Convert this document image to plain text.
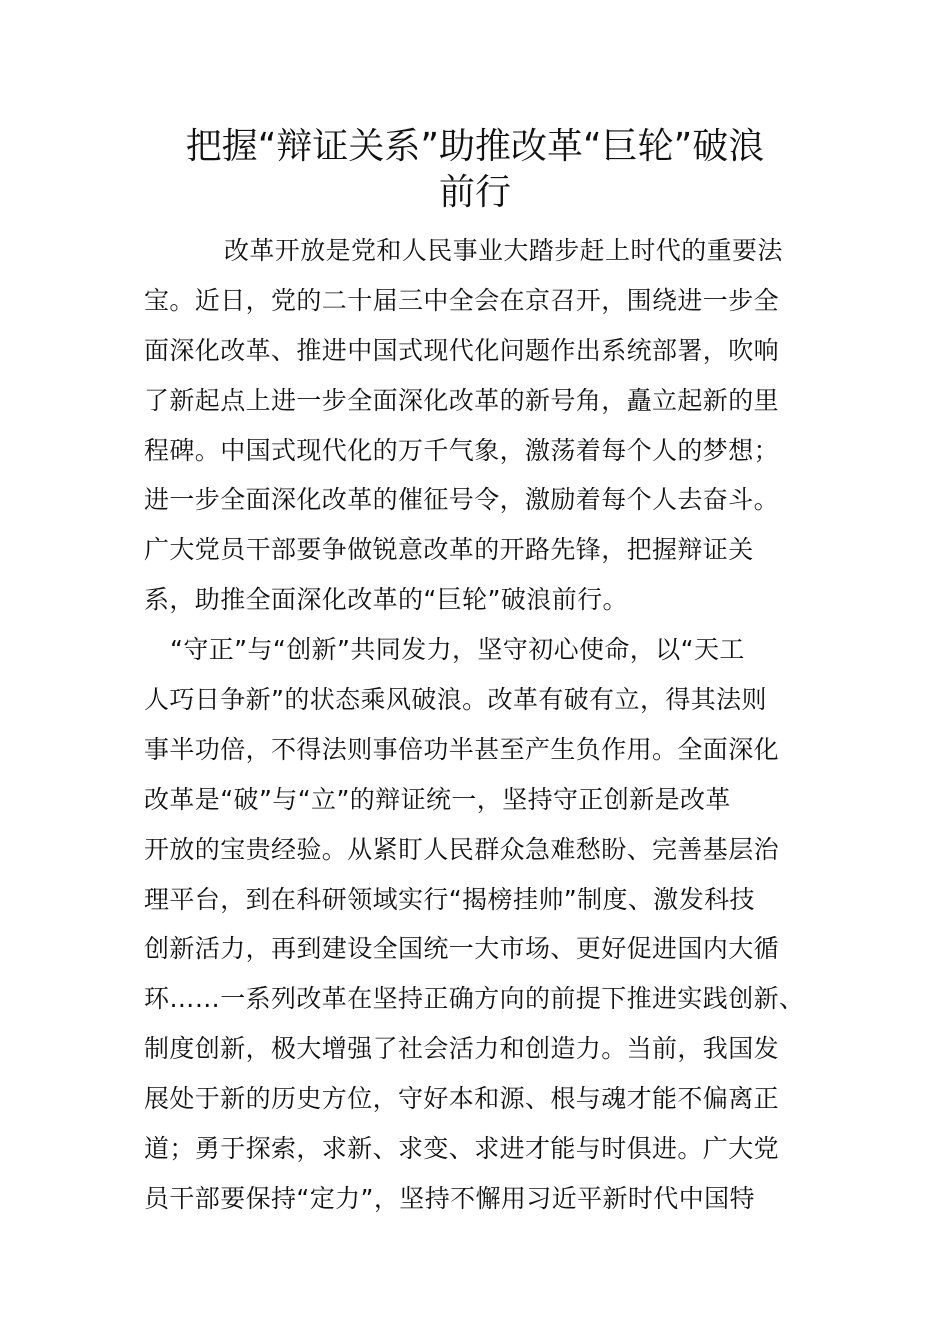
把握“辩证关系”助推改革“巨轮”破浪
前行
改革开放是党和人民事业大踏步赶上时代的重要法
宝。近日，党的二十届三中全会在京召开，围绕进一步全
面深化改革、推进中国式现代化问题作出系统部署，吹响
了新起点上进一步全面深化改革的新号角，矗立起新的里
程碑。中国式现代化的万千气象，激荡着每个人的梦想；
进一步全面深化改革的催征号令，激励着每个人去奋斗。
广大党员干部要争做锐意改革的开路先锋，把握辩证关
系，助推全面深化改革的“巨轮”破浪前行。
“守正”与“创新”共同发力，坚守初心使命，以“天工
人巧日争新”的状态乘风破浪。改革有破有立，得其法则
事半功倍，不得法则事倍功半甚至产生负作用。全面深化
改革是“破”与“立”的辩证统一，坚持守正创新是改革
开放的宝贵经验。从紧盯人民群众急难愁盼、完善基层治
理平台，到在科研领域实行“揭榜挂帅”制度、激发科技
创新活力，再到建设全国统一大市场、更好促进国内大循
环……一系列改革在坚持正确方向的前提下推进实践创新、
制度创新，极大增强了社会活力和创造力。当前，我国发
展处于新的历史方位，守好本和源、根与魂才能不偏离正
道；勇于探索，求新、求变、求进才能与时俱进。广大党
员干部要保持“定力”，坚持不懈用习近平新时代中国特
